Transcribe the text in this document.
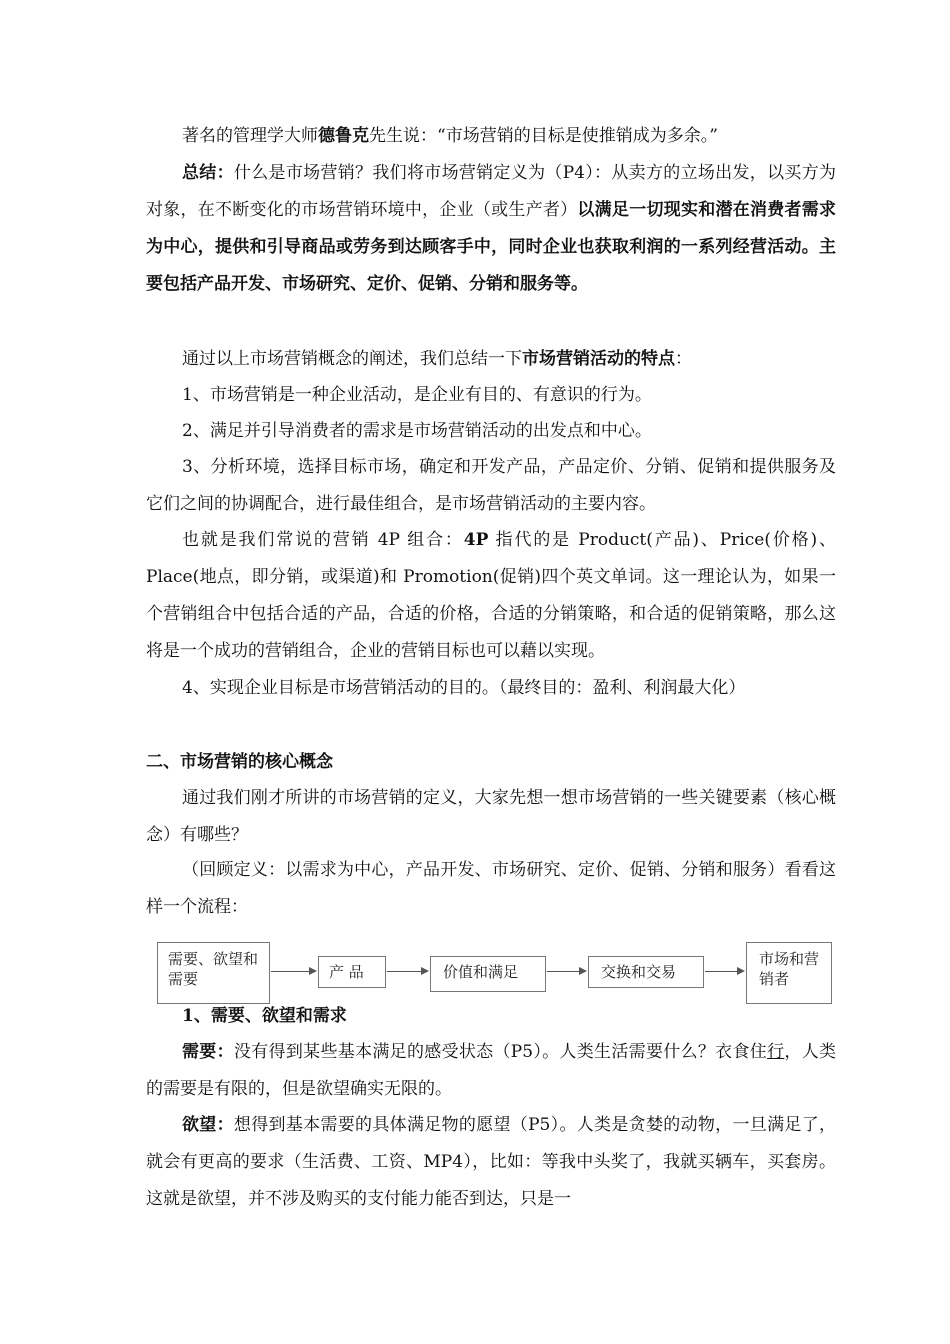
著名的管理学大师德鲁克先生说：“市场营销的目标是使推销成为多余。”

总结：什么是市场营销？我们将市场营销定义为（P4）：从卖方的立场出发，以买方为对象，在不断变化的市场营销环境中，企业（或生产者）以满足一切现实和潜在消费者需求为中心，提供和引导商品或劳务到达顾客手中，同时企业也获取利润的一系列经营活动。主要包括产品开发、市场研究、定价、促销、分销和服务等。

通过以上市场营销概念的阐述，我们总结一下市场营销活动的特点：

1、市场营销是一种企业活动，是企业有目的、有意识的行为。

2、满足并引导消费者的需求是市场营销活动的出发点和中心。

3、分析环境，选择目标市场，确定和开发产品，产品定价、分销、促销和提供服务及它们之间的协调配合，进行最佳组合，是市场营销活动的主要内容。

也就是我们常说的营销 4P 组合：4P 指代的是 Product(产品)、Price(价格)、Place(地点，即分销，或渠道)和 Promotion(促销)四个英文单词。这一理论认为，如果一个营销组合中包括合适的产品，合适的价格，合适的分销策略，和合适的促销策略，那么这将是一个成功的营销组合，企业的营销目标也可以藉以实现。

4、实现企业目标是市场营销活动的目的。（最终目的：盈利、利润最大化）

二、市场营销的核心概念

通过我们刚才所讲的市场营销的定义，大家先想一想市场营销的一些关键要素（核心概念）有哪些？

（回顾定义：以需求为中心，产品开发、市场研究、定价、促销、分销和服务）看看这样一个流程：

需要、欲望和需要	产 品	价值和满足	交换和交易
市场和营销者

1、需要、欲望和需求

需要：没有得到某些基本满足的感受状态（P5）。人类生活需要什么？衣食住行，人类的需要是有限的，但是欲望确实无限的。

欲望：想得到基本需要的具体满足物的愿望（P5）。人类是贪婪的动物，一旦满足了，就会有更高的要求（生活费、工资、MP4），比如：等我中头奖了，我就买辆车，买套房。这就是欲望，并不涉及购买的支付能力能否到达，只是一
